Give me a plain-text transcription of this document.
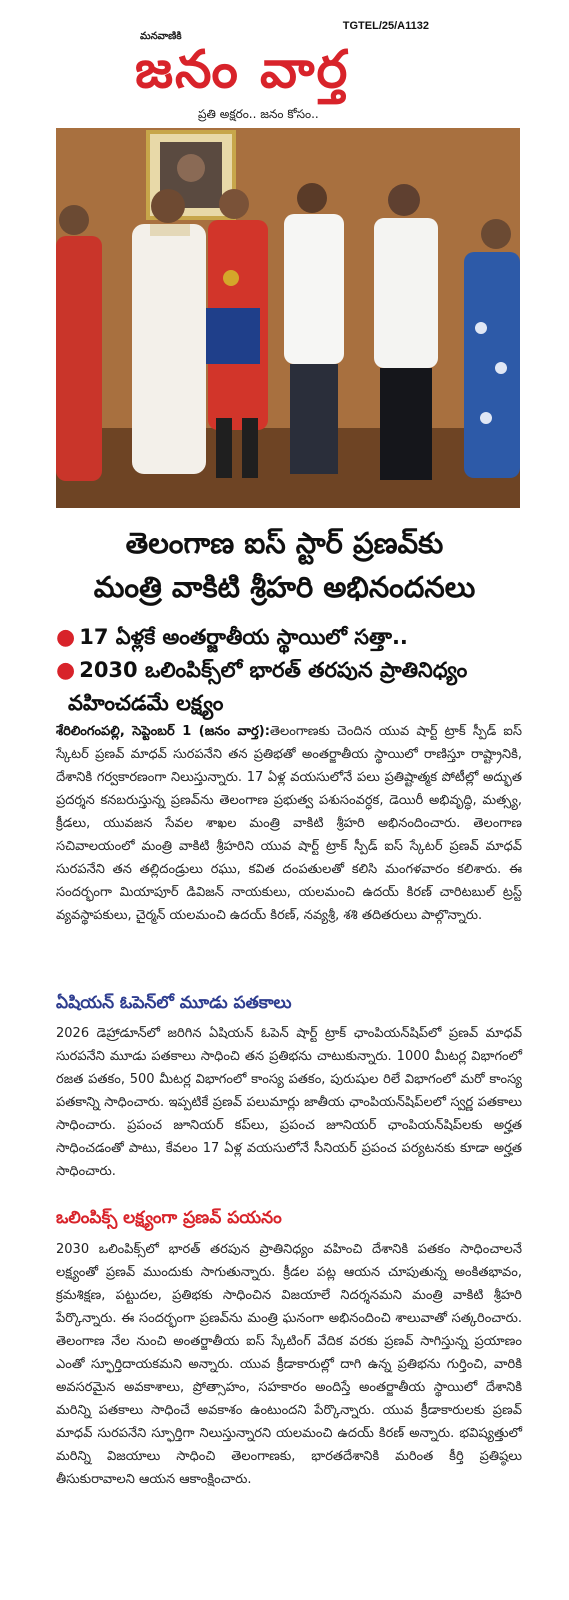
TGTEL/25/A1132
మనవాణికి
జనం వార్త
ప్రతి అక్షరం.. జనం కోసం..
తెలంగాణ ఐస్ స్టార్ ప్రణవ్‌కు
మంత్రి వాకిటి శ్రీహరి అభినందనలు
● 17 ఏళ్లకే అంతర్జాతీయ స్థాయిలో సత్తా..
● 2030 ఒలింపిక్స్‌లో భారత్ తరపున ప్రాతినిధ్యం
వహించడమే లక్ష్యం

శేరిలింగంపల్లి, సెప్టెంబర్ 1 (జనం వార్త):తెలంగాణకు చెందిన యువ షార్ట్ ట్రాక్ స్పీడ్ ఐస్ స్కేటర్ ప్రణవ్ మాధవ్ సురపనేని తన ప్రతిభతో అంతర్జాతీయ స్థాయిలో రాణిస్తూ రాష్ట్రానికి, దేశానికి గర్వకారణంగా నిలుస్తున్నారు. 17 ఏళ్ల వయసులోనే పలు ప్రతిష్టాత్మక పోటీల్లో అద్భుత ప్రదర్శన కనబరుస్తున్న ప్రణవ్‌ను తెలంగాణ ప్రభుత్వ పశుసంవర్ధక, డెయిరీ అభివృద్ధి, మత్స్య, క్రీడలు, యువజన సేవల శాఖల మంత్రి వాకిటి శ్రీహరి అభినందించారు. తెలంగాణ సచివాలయంలో మంత్రి వాకిటి శ్రీహరిని యువ షార్ట్ ట్రాక్ స్పీడ్ ఐస్ స్కేటర్ ప్రణవ్ మాధవ్ సురపనేని తన తల్లిదండ్రులు రఘు, కవిత దంపతులతో కలిసి మంగళవారం కలిశారు. ఈ సందర్భంగా మియాపూర్ డివిజన్ నాయకులు, యలమంచి ఉదయ్ కిరణ్ చారిటబుల్ ట్రస్ట్ వ్యవస్థాపకులు, చైర్మన్ యలమంచి ఉదయ్ కిరణ్, నవ్యశ్రీ, శశి తదితరులు పాల్గొన్నారు.

ఏషియన్ ఓపెన్‌లో మూడు పతకాలు

2026 డెహ్రాడూన్‌లో జరిగిన ఏషియన్ ఓపెన్ షార్ట్ ట్రాక్ ఛాంపియన్‌షిప్‌లో ప్రణవ్ మాధవ్ సురపనేని మూడు పతకాలు సాధించి తన ప్రతిభను చాటుకున్నారు. 1000 మీటర్ల విభాగంలో రజత పతకం, 500 మీటర్ల విభాగంలో కాంస్య పతకం, పురుషుల రిలే విభాగంలో మరో కాంస్య పతకాన్ని సాధించారు. ఇప్పటికే ప్రణవ్ పలుమార్లు జాతీయ ఛాంపియన్‌షిప్‌లలో స్వర్ణ పతకాలు సాధించారు. ప్రపంచ జూనియర్ కప్‌లు, ప్రపంచ జూనియర్ ఛాంపియన్‌షిప్‌లకు అర్హత సాధించడంతో పాటు, కేవలం 17 ఏళ్ల వయసులోనే సీనియర్ ప్రపంచ పర్యటనకు కూడా అర్హత సాధించారు.

ఒలింపిక్స్ లక్ష్యంగా ప్రణవ్ పయనం

2030 ఒలింపిక్స్‌లో భారత్ తరపున ప్రాతినిధ్యం వహించి దేశానికి పతకం సాధించాలనే లక్ష్యంతో ప్రణవ్ ముందుకు సాగుతున్నారు. క్రీడల పట్ల ఆయన చూపుతున్న అంకితభావం, క్రమశిక్షణ, పట్టుదల, ప్రతిభకు సాధించిన విజయాలే నిదర్శనమని మంత్రి వాకిటి శ్రీహరి పేర్కొన్నారు. ఈ సందర్భంగా ప్రణవ్‌ను మంత్రి ఘనంగా అభినందించి శాలువాతో సత్కరించారు. తెలంగాణ నేల నుంచి అంతర్జాతీయ ఐస్ స్కేటింగ్ వేదిక వరకు ప్రణవ్ సాగిస్తున్న ప్రయాణం ఎంతో స్ఫూర్తిదాయకమని అన్నారు. యువ క్రీడాకారుల్లో దాగి ఉన్న ప్రతిభను గుర్తించి, వారికి అవసరమైన అవకాశాలు, ప్రోత్సాహం, సహకారం అందిస్తే అంతర్జాతీయ స్థాయిలో దేశానికి మరిన్ని పతకాలు సాధించే అవకాశం ఉంటుందని పేర్కొన్నారు. యువ క్రీడాకారులకు ప్రణవ్ మాధవ్ సురపనేని స్ఫూర్తిగా నిలుస్తున్నారని యలమంచి ఉదయ్ కిరణ్ అన్నారు. భవిష్యత్తులో మరిన్ని విజయాలు సాధించి తెలంగాణకు, భారతదేశానికి మరింత కీర్తి ప్రతిష్ఠలు తీసుకురావాలని ఆయన ఆకాంక్షించారు.
